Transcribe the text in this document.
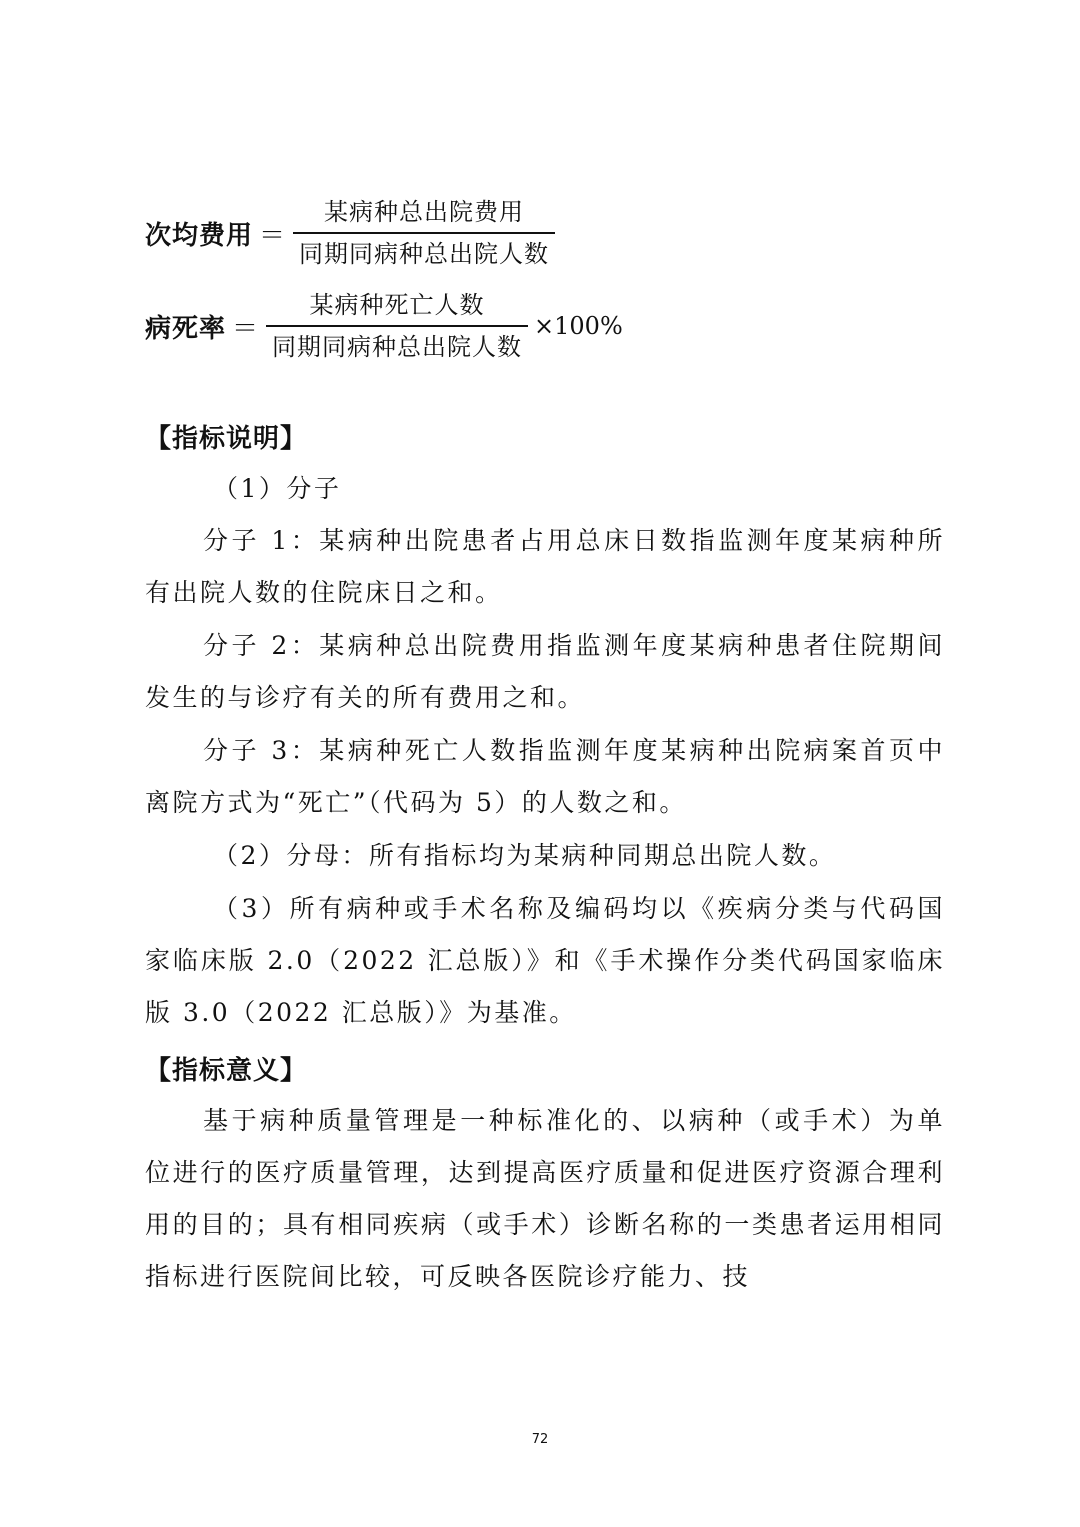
次均费用 ＝ $\frac{\text{某病种总出院费用}}{\text{同期同病种总出院人数}}$
病死率 ＝ $\frac{\text{某病种死亡人数}}{\text{同期同病种总出院人数}} \times 100\%$
【指标说明】

（1）分子

分子 1：某病种出院患者占用总床日数指监测年度某病种所有出院人数的住院床日之和。

分子 2：某病种总出院费用指监测年度某病种患者住院期间发生的与诊疗有关的所有费用之和。

分子 3：某病种死亡人数指监测年度某病种出院病案首页中离院方式为“死亡”（代码为 5）的人数之和。

（2）分母：所有指标均为某病种同期总出院人数。

（3）所有病种或手术名称及编码均以《疾病分类与代码国家临床版 2.0（2022 汇总版）》和《手术操作分类代码国家临床版 3.0（2022 汇总版）》为基准。

【指标意义】

基于病种质量管理是一种标准化的、以病种（或手术）为单位进行的医疗质量管理，达到提高医疗质量和促进医疗资源合理利用的目的；具有相同疾病（或手术）诊断名称的一类患者运用相同指标进行医院间比较，可反映各医院诊疗能力、技

72
